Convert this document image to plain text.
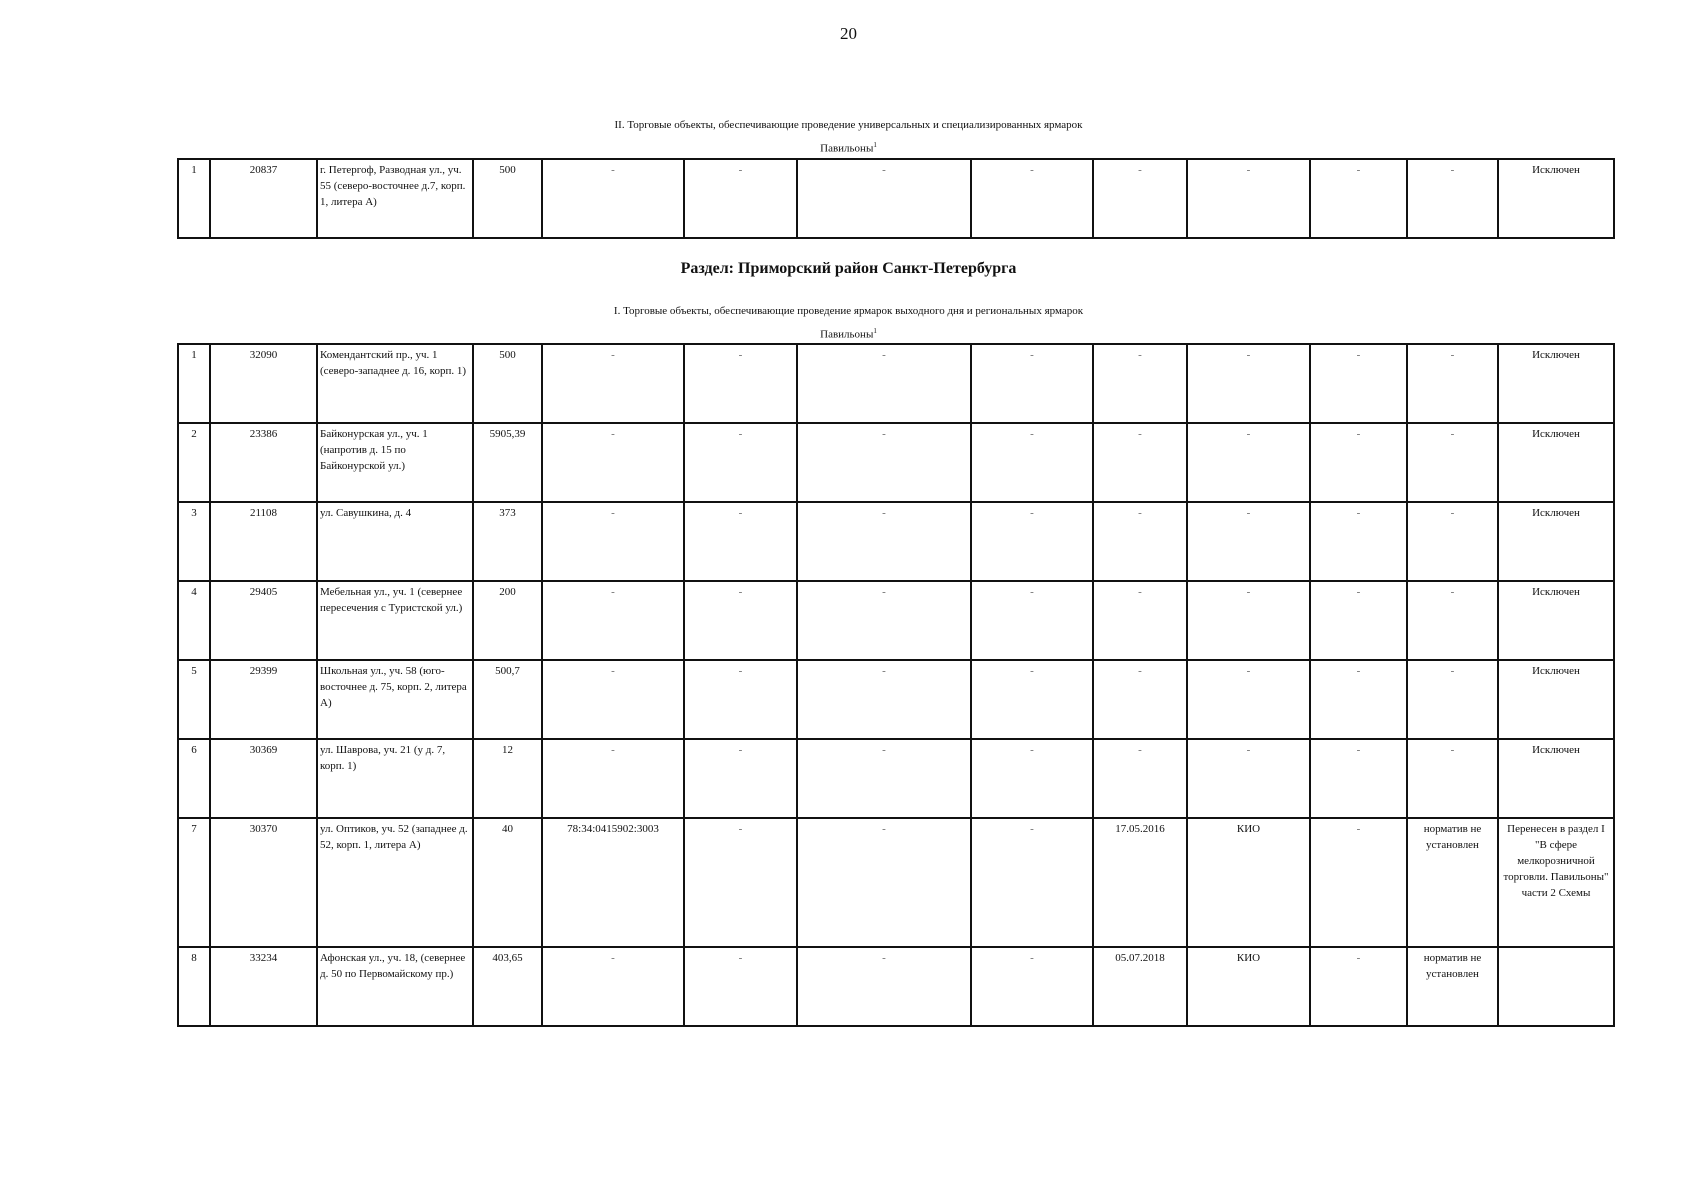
20
II. Торговые объекты, обеспечивающие проведение универсальных и специализированных ярмарок
Павильоны$^1$
1	20837	г. Петергоф, Разводная ул., уч. 55 (северо-восточнее д.7, корп. 1, литера А)	500	-	-	-	-	-	-	-	-	Исключен
Раздел: Приморский район Санкт-Петербурга
I. Торговые объекты, обеспечивающие проведение ярмарок выходного дня и региональных ярмарок
Павильоны$^1$
1	32090	Комендантский пр., уч. 1 (северо-западнее д. 16, корп. 1)	500	-	-	-	-	-	-	-	-	Исключен
2	23386	Байконурская ул., уч. 1 (напротив д. 15 по Байконурской ул.)	5905,39	-	-	-	-	-	-	-	-	Исключен
3	21108	ул. Савушкина, д. 4	373	-	-	-	-	-	-	-	-	Исключен
4	29405	Мебельная ул., уч. 1 (севернее пересечения с Туристской ул.)	200	-	-	-	-	-	-	-	-	Исключен
5	29399	Школьная ул., уч. 58 (юго-восточнее д. 75, корп. 2, литера А)	500,7	-	-	-	-	-	-	-	-	Исключен
6	30369	ул. Шаврова, уч. 21 (у д. 7, корп. 1)	12	-	-	-	-	-	-	-	-	Исключен
7	30370	ул. Оптиков, уч. 52 (западнее д. 52, корп. 1, литера А)	40	78:34:0415902:3003	-	-	-	17.05.2016	КИО	-	норматив не установлен	Перенесен в раздел I "В сфере мелкорозничной торговли. Павильоны" части 2 Схемы
8	33234	Афонская ул., уч. 18, (севернее д. 50 по Первомайскому пр.)	403,65	-	-	-	-	05.07.2018	КИО	-	норматив не установлен	
